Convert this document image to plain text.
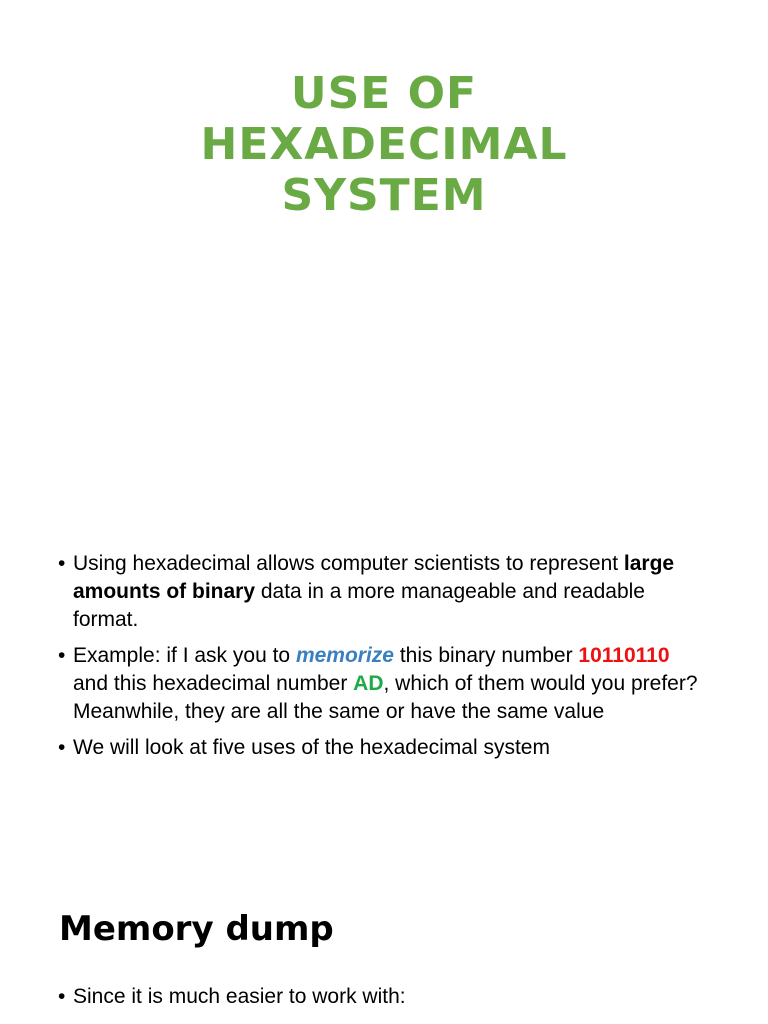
USE OF
HEXADECIMAL
SYSTEM
• Using hexadecimal allows computer scientists to represent large amounts of binary data in a more manageable and readable format.
• Example: if I ask you to memorize this binary number 10110110 and this hexadecimal number AD, which of them would you prefer? Meanwhile, they are all the same or have the same value
• We will look at five uses of the hexadecimal system
Memory dump
• Since it is much easier to work with:
